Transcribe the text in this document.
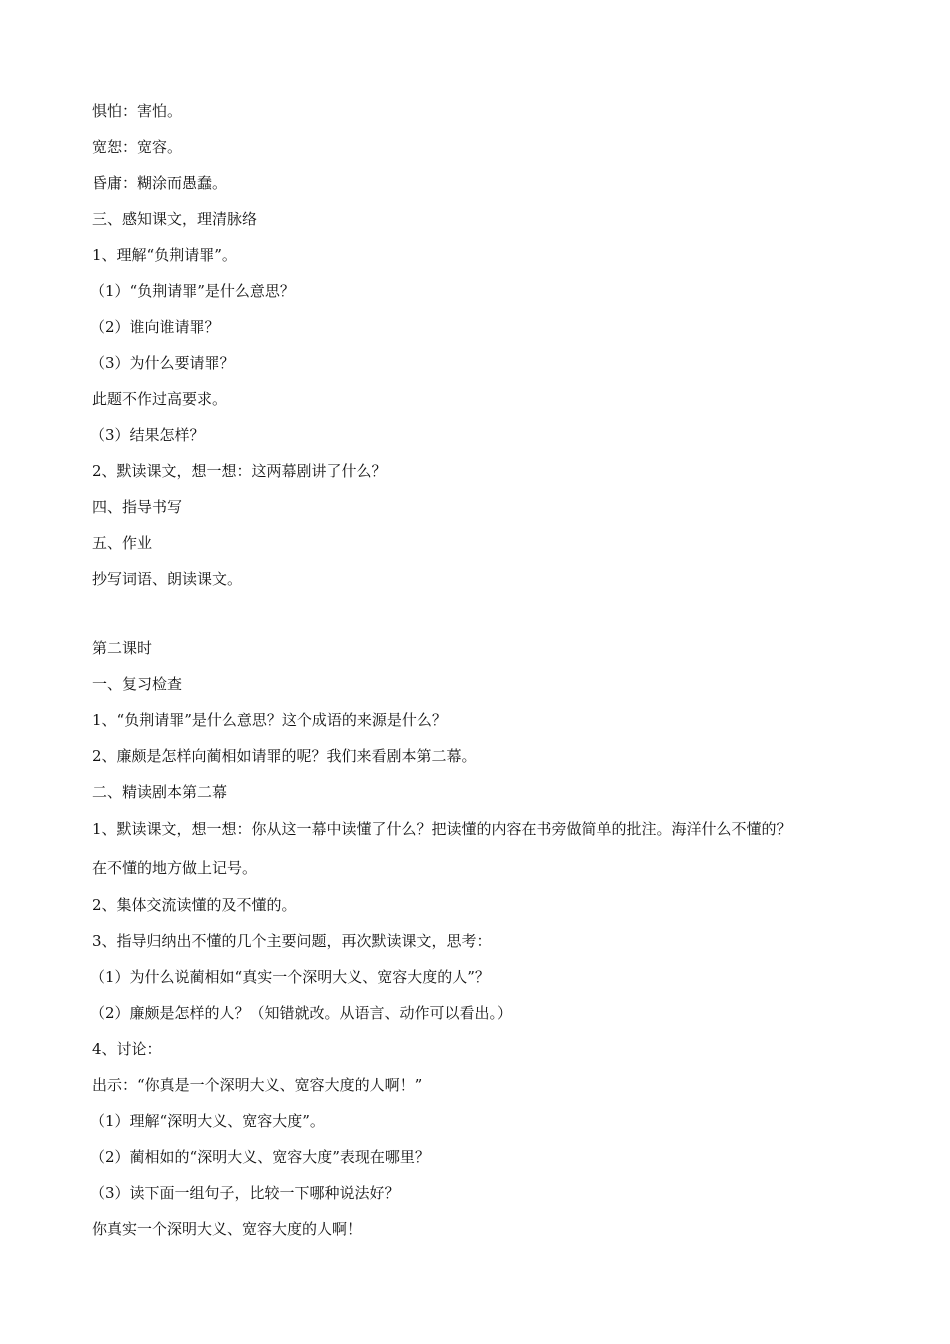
惧怕：害怕。
宽恕：宽容。
昏庸：糊涂而愚蠢。
三、感知课文，理清脉络
1、理解“负荆请罪”。
（1）“负荆请罪”是什么意思？
（2）谁向谁请罪？
（3）为什么要请罪？
此题不作过高要求。
（3）结果怎样？
2、默读课文，想一想：这两幕剧讲了什么？
四、指导书写
五、作业
抄写词语、朗读课文。
第二课时
一、复习检查
1、“负荆请罪”是什么意思？这个成语的来源是什么？
2、廉颇是怎样向蔺相如请罪的呢？我们来看剧本第二幕。
二、精读剧本第二幕
1、默读课文，想一想：你从这一幕中读懂了什么？把读懂的内容在书旁做简单的批注。海洋什么不懂的？
在不懂的地方做上记号。
2、集体交流读懂的及不懂的。
3、指导归纳出不懂的几个主要问题，再次默读课文，思考：
（1）为什么说蔺相如“真实一个深明大义、宽容大度的人”？
（2）廉颇是怎样的人？（知错就改。从语言、动作可以看出。）
4、讨论：
出示：“你真是一个深明大义、宽容大度的人啊！”
（1）理解“深明大义、宽容大度”。
（2）蔺相如的“深明大义、宽容大度”表现在哪里？
（3）读下面一组句子，比较一下哪种说法好？
你真实一个深明大义、宽容大度的人啊！
